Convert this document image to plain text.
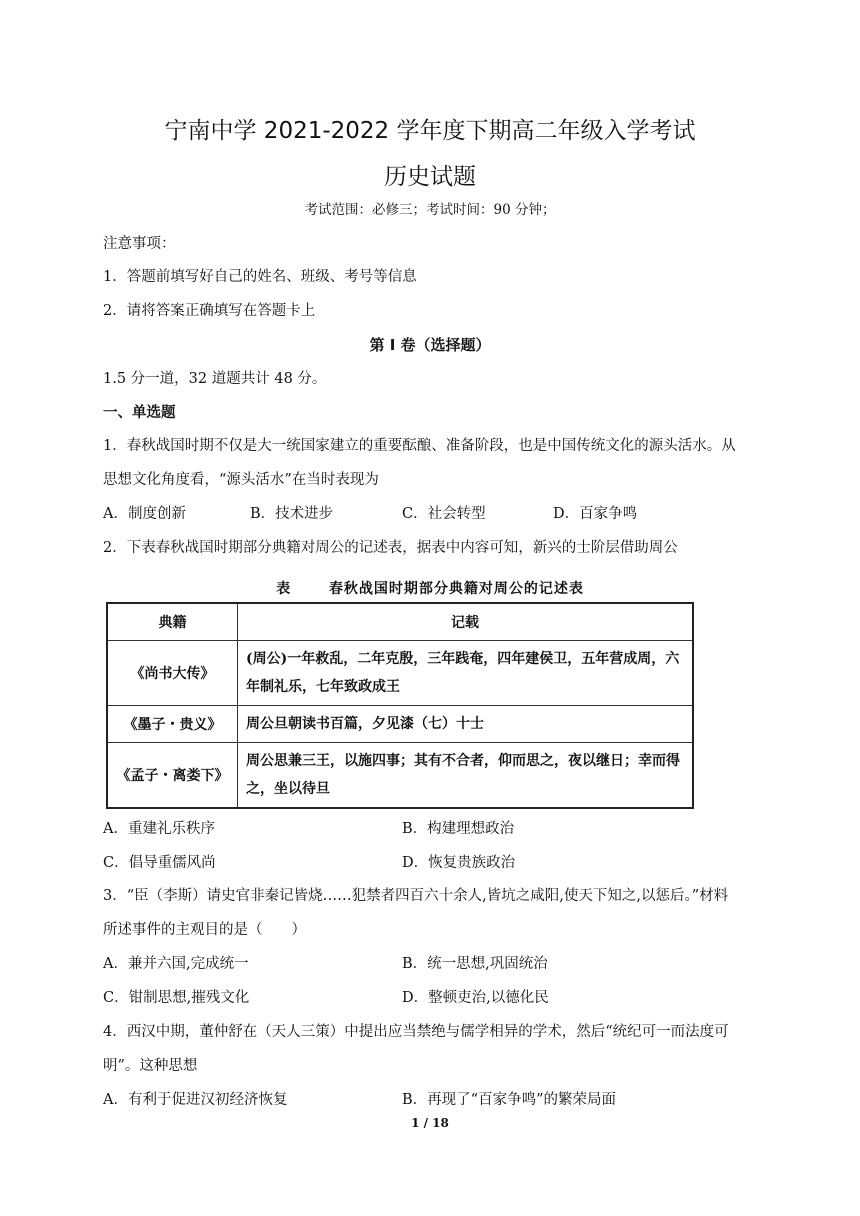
宁南中学 2021-2022 学年度下期高二年级入学考试
历史试题
考试范围：必修三；考试时间：90 分钟；
注意事项：
1．答题前填写好自己的姓名、班级、考号等信息
2．请将答案正确填写在答题卡上
第 I 卷（选择题）
1.5 分一道，32 道题共计 48 分。
一、单选题
1．春秋战国时期不仅是大一统国家建立的重要酝酿、准备阶段，也是中国传统文化的源头活水。从
思想文化角度看，“源头活水”在当时表现为
A．制度创新	B．技术进步	C．社会转型	D．百家争鸣
2．下表春秋战国时期部分典籍对周公的记述表，据表中内容可知，新兴的士阶层借助周公
表	春秋战国时期部分典籍对周公的记述表
典籍	记载
《尚书大传》	(周公)一年救乱，二年克殷，三年践奄，四年建侯卫，五年营成周，六年制礼乐，七年致政成王
《墨子・贵义》	周公旦朝读书百篇，夕见漆（七）十士
《孟子・离娄下》	周公思兼三王，以施四事；其有不合者，仰而思之，夜以继日；幸而得之，坐以待旦
A．重建礼乐秩序	B．构建理想政治
C．倡导重儒风尚	D．恢复贵族政治
3．“臣（李斯）请史官非秦记皆烧……犯禁者四百六十余人,皆坑之咸阳,使天下知之,以惩后。”材料
所述事件的主观目的是（　　）
A．兼并六国,完成统一	B．统一思想,巩固统治
C．钳制思想,摧残文化	D．整顿吏治,以德化民
4．西汉中期，董仲舒在（天人三策）中提出应当禁绝与儒学相异的学术，然后“统纪可一而法度可
明”。这种思想
A．有利于促进汉初经济恢复	B．再现了“百家争鸣”的繁荣局面
1 / 18
